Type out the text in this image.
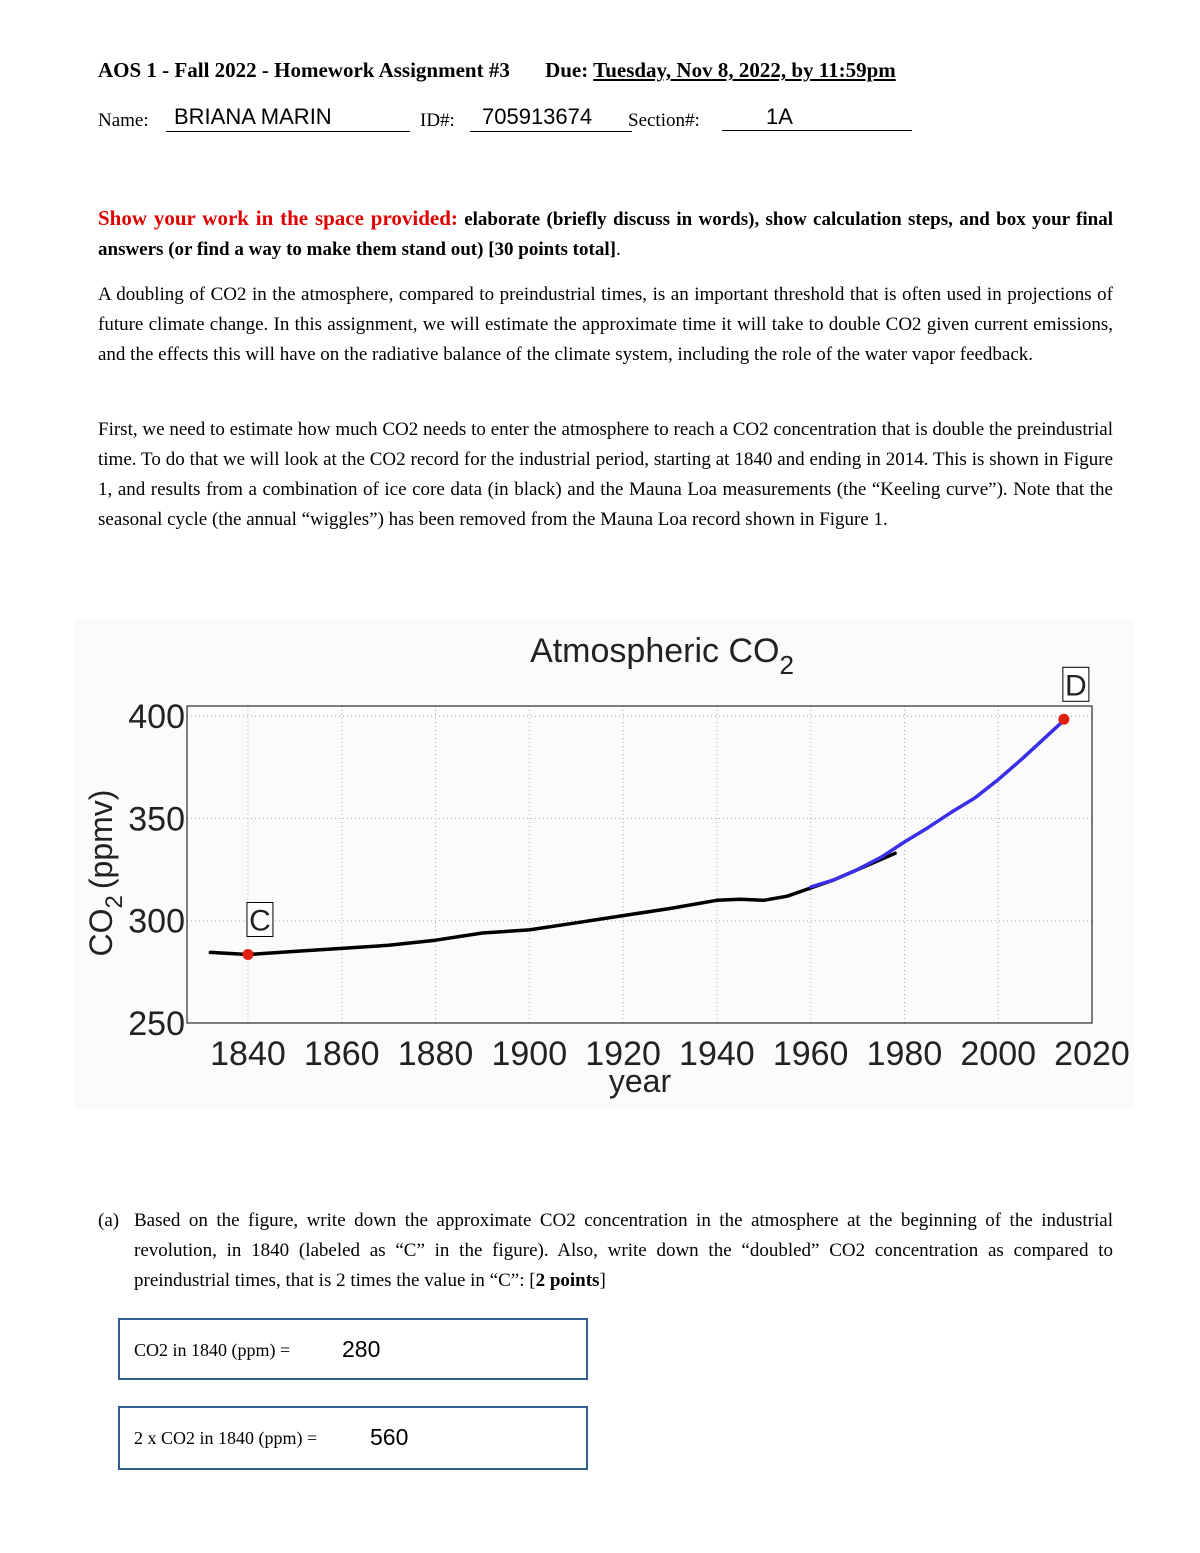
AOS 1 - Fall 2022 - Homework Assignment #3 Due: Tuesday, Nov 8, 2022, by 11:59pm
Name:	BRIANA MARIN	ID#:	705913674	Section#:	1A
Show your work in the space provided: elaborate (briefly discuss in words), show calculation steps, and box your final answers (or find a way to make them stand out) [30 points total].
A doubling of CO2 in the atmosphere, compared to preindustrial times, is an important threshold that is often used in projections of future climate change. In this assignment, we will estimate the approximate time it will take to double CO2 given current emissions, and the effects this will have on the radiative balance of the climate system, including the role of the water vapor feedback.
First, we need to estimate how much CO2 needs to enter the atmosphere to reach a CO2 concentration that is double the preindustrial time. To do that we will look at the CO2 record for the industrial period, starting at 1840 and ending in 2014. This is shown in Figure 1, and results from a combination of ice core data (in black) and the Mauna Loa measurements (the “Keeling curve”). Note that the seasonal cycle (the annual “wiggles”) has been removed from the Mauna Loa record shown in Figure 1.
1840 1860 1880 1900 1920 1940 1960 1980 2000 2020
250
300
350
400
C
D
Atmospheric $CO_2$
year
$CO_2(ppmv)$
(a) Based on the figure, write down the approximate CO2 concentration in the atmosphere at the beginning of the industrial revolution, in 1840 (labeled as “C” in the figure). Also, write down the “doubled” CO2 concentration as compared to preindustrial times, that is 2 times the value in “C”: [2 points]
CO2 in 1840 (ppm) = 280
2 x CO2 in 1840 (ppm) = 560
